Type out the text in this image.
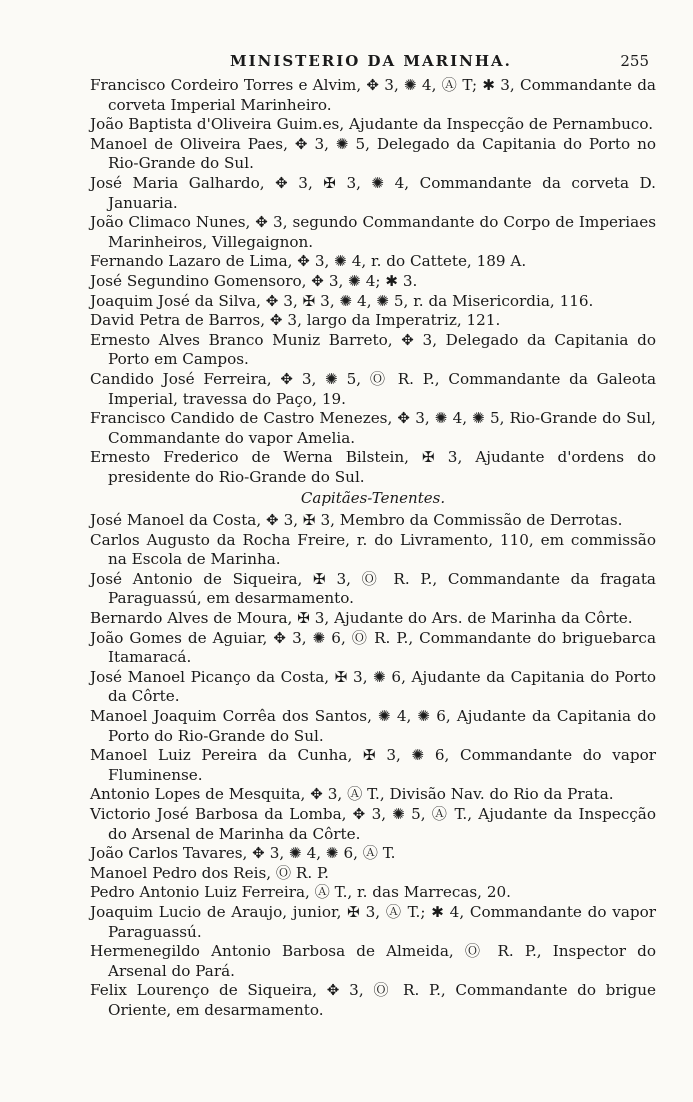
MINISTERIO DA MARINHA.	255
Francisco Cordeiro Torres e Alvim, ✥ 3, ✺ 4, Ⓐ T; ✱ 3, Commandante da corveta Imperial Marinheiro.
João Baptista d'Oliveira Guim.es, Ajudante da Inspecção de Pernambuco.
Manoel de Oliveira Paes, ✥ 3, ✺ 5, Delegado da Capitania do Porto no Rio-Grande do Sul.
José Maria Galhardo, ✥ 3, ✠ 3, ✺ 4, Commandante da corveta D. Januaria.
João Climaco Nunes, ✥ 3, segundo Commandante do Corpo de Imperiaes Marinheiros, Villegaignon.
Fernando Lazaro de Lima, ✥ 3, ✺ 4, r. do Cattete, 189 A.
José Segundino Gomensoro, ✥ 3, ✺ 4; ✱ 3.
Joaquim José da Silva, ✥ 3, ✠ 3, ✺ 4, ✺ 5, r. da Misericordia, 116.
David Petra de Barros, ✥ 3, largo da Imperatriz, 121.
Ernesto Alves Branco Muniz Barreto, ✥ 3, Delegado da Capitania do Porto em Campos.
Candido José Ferreira, ✥ 3, ✺ 5, Ⓞ R. P., Commandante da Galeota Imperial, travessa do Paço, 19.
Francisco Candido de Castro Menezes, ✥ 3, ✺ 4, ✺ 5, Rio-Grande do Sul, Commandante do vapor Amelia.
Ernesto Frederico de Werna Bilstein, ✠ 3, Ajudante d'ordens do presidente do Rio-Grande do Sul.
Capitães-Tenentes.
José Manoel da Costa, ✥ 3, ✠ 3, Membro da Commissão de Derrotas.
Carlos Augusto da Rocha Freire, r. do Livramento, 110, em commissão na Escola de Marinha.
José Antonio de Siqueira, ✠ 3, Ⓞ R. P., Commandante da fragata Paraguassú, em desarmamento.
Bernardo Alves de Moura, ✠ 3, Ajudante do Ars. de Marinha da Côrte.
João Gomes de Aguiar, ✥ 3, ✺ 6, Ⓞ R. P., Commandante do briguebarca Itamaracá.
José Manoel Picanço da Costa, ✠ 3, ✺ 6, Ajudante da Capitania do Porto da Côrte.
Manoel Joaquim Corrêa dos Santos, ✺ 4, ✺ 6, Ajudante da Capitania do Porto do Rio-Grande do Sul.
Manoel Luiz Pereira da Cunha, ✠ 3, ✺ 6, Commandante do vapor Fluminense.
Antonio Lopes de Mesquita, ✥ 3, Ⓐ T., Divisão Nav. do Rio da Prata.
Victorio José Barbosa da Lomba, ✥ 3, ✺ 5, Ⓐ T., Ajudante da Inspecção do Arsenal de Marinha da Côrte.
João Carlos Tavares, ✥ 3, ✺ 4, ✺ 6, Ⓐ T.
Manoel Pedro dos Reis, Ⓞ R. P.
Pedro Antonio Luiz Ferreira, Ⓐ T., r. das Marrecas, 20.
Joaquim Lucio de Araujo, junior, ✠ 3, Ⓐ T.; ✱ 4, Commandante do vapor Paraguassú.
Hermenegildo Antonio Barbosa de Almeida, Ⓞ R. P., Inspector do Arsenal do Pará.
Felix Lourenço de Siqueira, ✥ 3, Ⓞ R. P., Commandante do brigue Oriente, em desarmamento.
